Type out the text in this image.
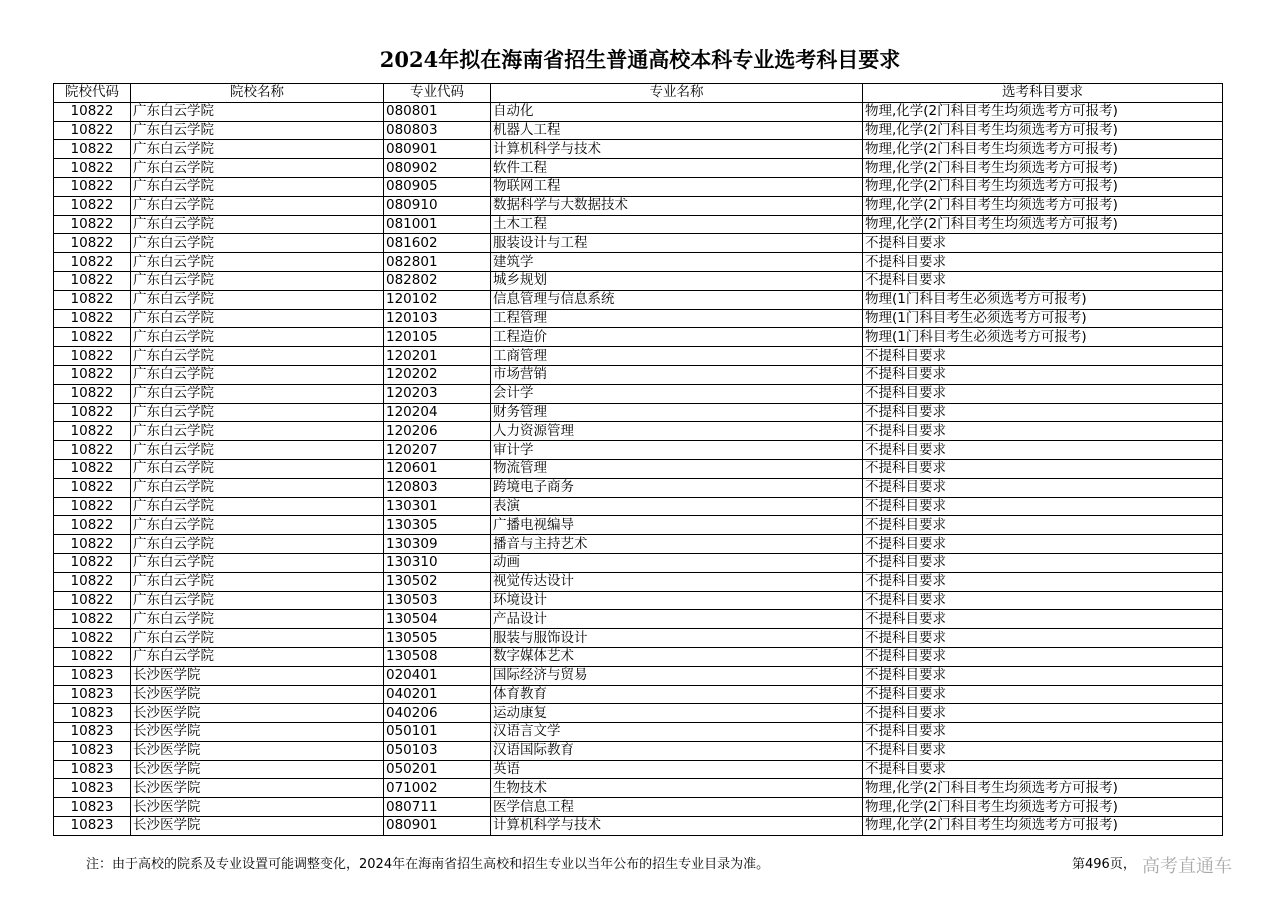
2024年拟在海南省招生普通高校本科专业选考科目要求
院校代码	院校名称	专业代码	专业名称	选考科目要求
10822	广东白云学院	080801	自动化	物理,化学(2门科目考生均须选考方可报考)
10822	广东白云学院	080803	机器人工程	物理,化学(2门科目考生均须选考方可报考)
10822	广东白云学院	080901	计算机科学与技术	物理,化学(2门科目考生均须选考方可报考)
10822	广东白云学院	080902	软件工程	物理,化学(2门科目考生均须选考方可报考)
10822	广东白云学院	080905	物联网工程	物理,化学(2门科目考生均须选考方可报考)
10822	广东白云学院	080910	数据科学与大数据技术	物理,化学(2门科目考生均须选考方可报考)
10822	广东白云学院	081001	土木工程	物理,化学(2门科目考生均须选考方可报考)
10822	广东白云学院	081602	服装设计与工程	不提科目要求
10822	广东白云学院	082801	建筑学	不提科目要求
10822	广东白云学院	082802	城乡规划	不提科目要求
10822	广东白云学院	120102	信息管理与信息系统	物理(1门科目考生必须选考方可报考)
10822	广东白云学院	120103	工程管理	物理(1门科目考生必须选考方可报考)
10822	广东白云学院	120105	工程造价	物理(1门科目考生必须选考方可报考)
10822	广东白云学院	120201	工商管理	不提科目要求
10822	广东白云学院	120202	市场营销	不提科目要求
10822	广东白云学院	120203	会计学	不提科目要求
10822	广东白云学院	120204	财务管理	不提科目要求
10822	广东白云学院	120206	人力资源管理	不提科目要求
10822	广东白云学院	120207	审计学	不提科目要求
10822	广东白云学院	120601	物流管理	不提科目要求
10822	广东白云学院	120803	跨境电子商务	不提科目要求
10822	广东白云学院	130301	表演	不提科目要求
10822	广东白云学院	130305	广播电视编导	不提科目要求
10822	广东白云学院	130309	播音与主持艺术	不提科目要求
10822	广东白云学院	130310	动画	不提科目要求
10822	广东白云学院	130502	视觉传达设计	不提科目要求
10822	广东白云学院	130503	环境设计	不提科目要求
10822	广东白云学院	130504	产品设计	不提科目要求
10822	广东白云学院	130505	服装与服饰设计	不提科目要求
10822	广东白云学院	130508	数字媒体艺术	不提科目要求
10823	长沙医学院	020401	国际经济与贸易	不提科目要求
10823	长沙医学院	040201	体育教育	不提科目要求
10823	长沙医学院	040206	运动康复	不提科目要求
10823	长沙医学院	050101	汉语言文学	不提科目要求
10823	长沙医学院	050103	汉语国际教育	不提科目要求
10823	长沙医学院	050201	英语	不提科目要求
10823	长沙医学院	071002	生物技术	物理,化学(2门科目考生均须选考方可报考)
10823	长沙医学院	080711	医学信息工程	物理,化学(2门科目考生均须选考方可报考)
10823	长沙医学院	080901	计算机科学与技术	物理,化学(2门科目考生均须选考方可报考)
注：由于高校的院系及专业设置可能调整变化，2024年在海南省招生高校和招生专业以当年公布的招生专业目录为准。	第496页， 高考直通车
